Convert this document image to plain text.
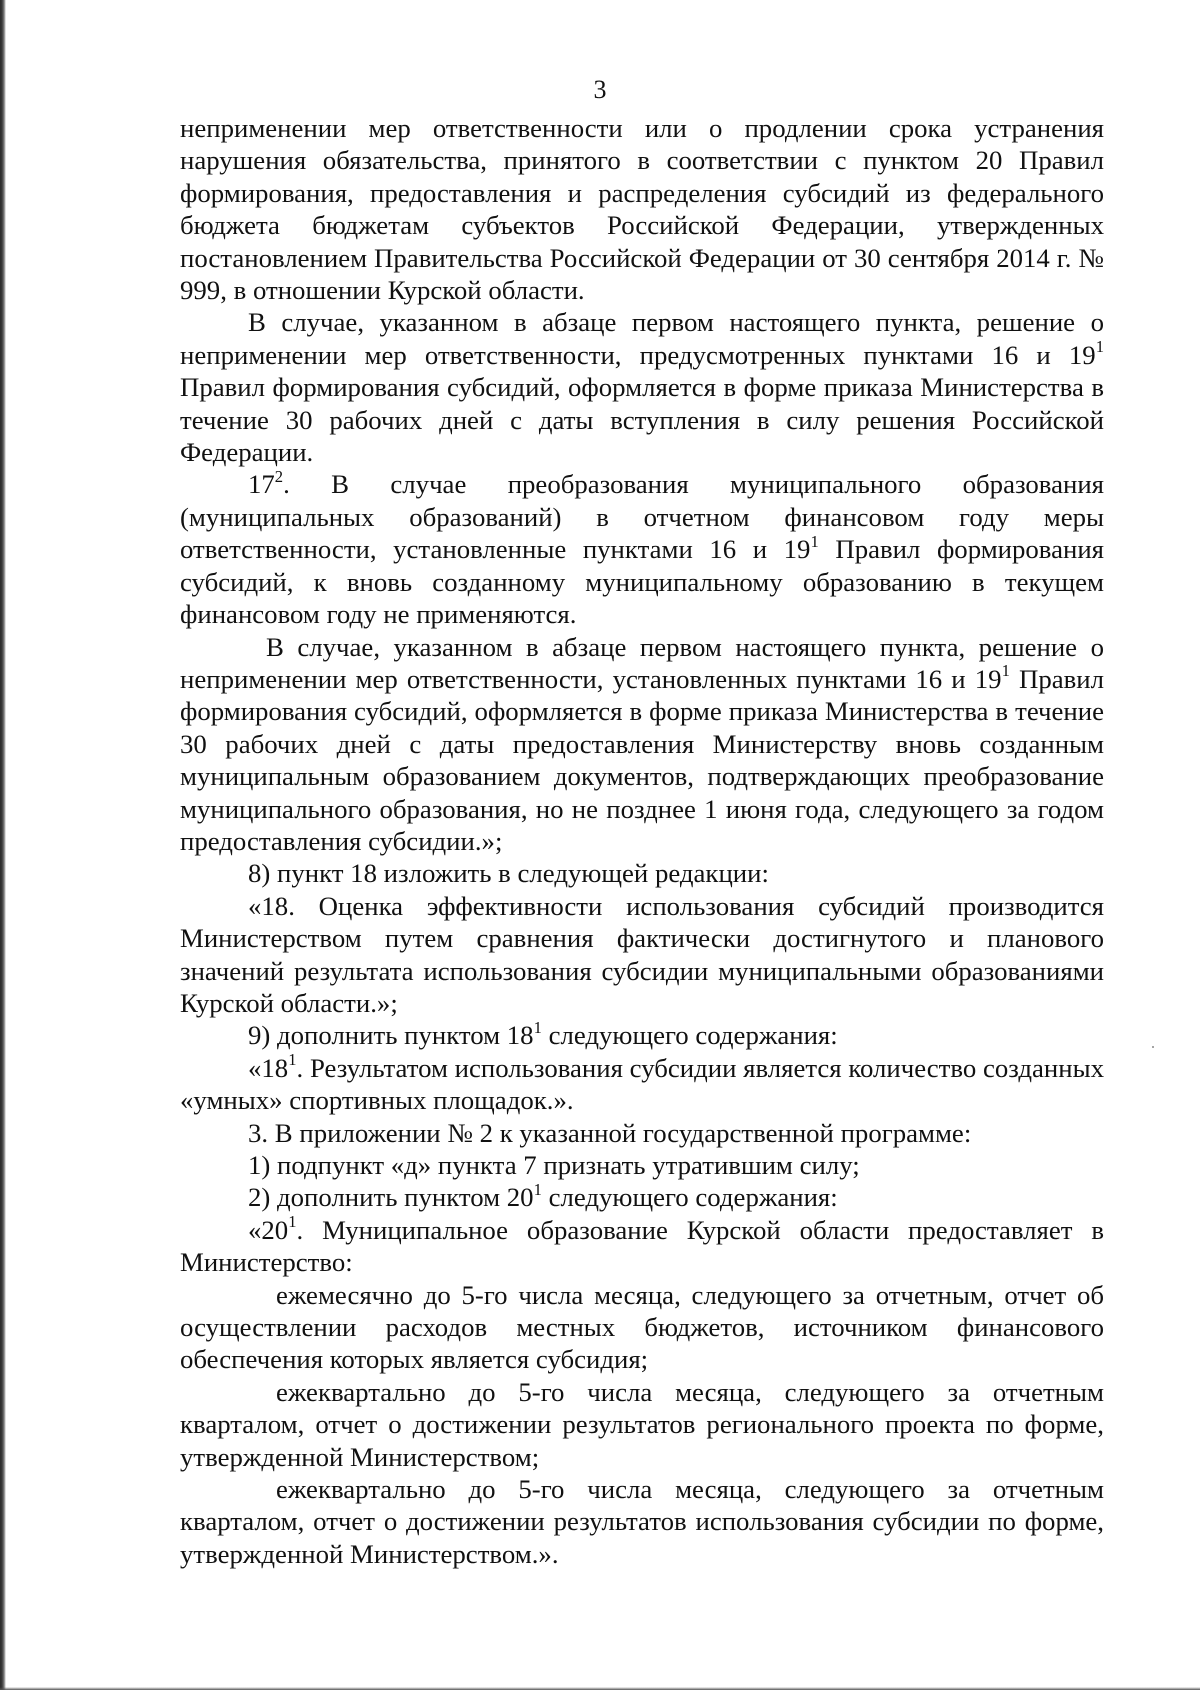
3

неприменении мер ответственности или о продлении срока устранения нарушения обязательства, принятого в соответствии с пунктом 20 Правил формирования, предоставления и распределения субсидий из федерального бюджета бюджетам субъектов Российской Федерации, утвержденных постановлением Правительства Российской Федерации от 30 сентября 2014 г. № 999, в отношении Курской области.

В случае, указанном в абзаце первом настоящего пункта, решение о неприменении мер ответственности, предусмотренных пунктами 16 и $19^1$ Правил формирования субсидий, оформляется в форме приказа Министерства в течение 30 рабочих дней с даты вступления в силу решения Российской Федерации.

$17^2$. В случае преобразования муниципального образования (муниципальных образований) в отчетном финансовом году меры ответственности, установленные пунктами 16 и $19^1$ Правил формирования субсидий, к вновь созданному муниципальному образованию в текущем финансовом году не применяются.

В случае, указанном в абзаце первом настоящего пункта, решение о неприменении мер ответственности, установленных пунктами 16 и $19^1$ Правил формирования субсидий, оформляется в форме приказа Министерства в течение 30 рабочих дней с даты предоставления Министерству вновь созданным муниципальным образованием документов, подтверждающих преобразование муниципального образования, но не позднее 1 июня года, следующего за годом предоставления субсидии.»;

8) пункт 18 изложить в следующей редакции:

«18. Оценка эффективности использования субсидий производится Министерством путем сравнения фактически достигнутого и планового значений результата использования субсидии муниципальными образованиями Курской области.»;

9) дополнить пунктом $18^1$ следующего содержания:

«$18^1$. Результатом использования субсидии является количество созданных «умных» спортивных площадок.».

3. В приложении № 2 к указанной государственной программе:

1) подпункт «д» пункта 7 признать утратившим силу;

2) дополнить пунктом $20^1$ следующего содержания:

«$20^1$. Муниципальное образование Курской области предоставляет в Министерство:

ежемесячно до 5-го числа месяца, следующего за отчетным, отчет об осуществлении расходов местных бюджетов, источником финансового обеспечения которых является субсидия;

ежеквартально до 5-го числа месяца, следующего за отчетным кварталом, отчет о достижении результатов регионального проекта по форме, утвержденной Министерством;

ежеквартально до 5-го числа месяца, следующего за отчетным кварталом, отчет о достижении результатов использования субсидии по форме, утвержденной Министерством.».
